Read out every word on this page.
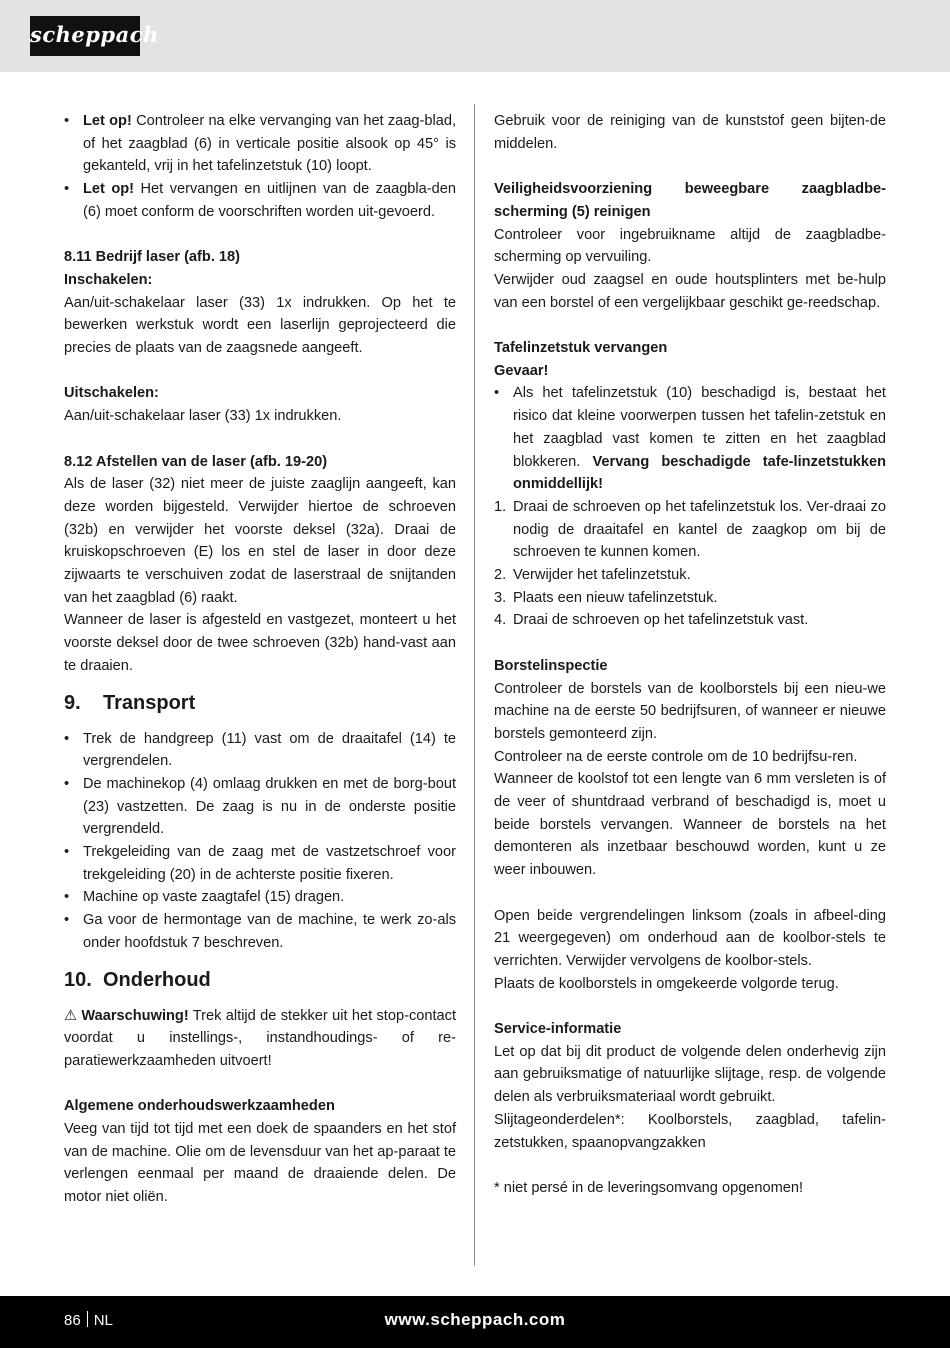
scheppach
• Let op! Controleer na elke vervanging van het zaag-blad, of het zaagblad (6) in verticale positie alsook op 45° is gekanteld, vrij in het tafelinzetstuk (10) loopt.
• Let op! Het vervangen en uitlijnen van de zaagbla-den (6) moet conform de voorschriften worden uit-gevoerd.

8.11 Bedrijf laser (afb. 18)

Inschakelen:

Aan/uit-schakelaar laser (33) 1x indrukken. Op het te bewerken werkstuk wordt een laserlijn geprojecteerd die precies de plaats van de zaagsnede aangeeft.

Uitschakelen:

Aan/uit-schakelaar laser (33) 1x indrukken.

8.12 Afstellen van de laser (afb. 19-20)

Als de laser (32) niet meer de juiste zaaglijn aangeeft, kan deze worden bijgesteld. Verwijder hiertoe de schroeven (32b) en verwijder het voorste deksel (32a). Draai de kruiskopschroeven (E) los en stel de laser in door deze zijwaarts te verschuiven zodat de laserstraal de snijtanden van het zaagblad (6) raakt.

Wanneer de laser is afgesteld en vastgezet, monteert u het voorste deksel door de twee schroeven (32b) hand-vast aan te draaien.

9.	Transport
• Trek de handgreep (11) vast om de draaitafel (14) te vergrendelen.
• De machinekop (4) omlaag drukken en met de borg-bout (23) vastzetten. De zaag is nu in de onderste positie vergrendeld.
• Trekgeleiding van de zaag met de vastzetschroef voor trekgeleiding (20) in de achterste positie fixeren.
• Machine op vaste zaagtafel (15) dragen.
• Ga voor de hermontage van de machine, te werk zo-als onder hoofdstuk 7 beschreven.
10. Onderhoud

⚠ Waarschuwing! Trek altijd de stekker uit het stop-contact voordat u instellings-, instandhoudings- of re-paratiewerkzaamheden uitvoert!

Algemene onderhoudswerkzaamheden

Veeg van tijd tot tijd met een doek de spaanders en het stof van de machine. Olie om de levensduur van het ap-paraat te verlengen eenmaal per maand de draaiende delen. De motor niet oliën.

Gebruik voor de reiniging van de kunststof geen bijten-de middelen.

Veiligheidsvoorziening beweegbare zaagbladbe-scherming (5) reinigen

Controleer voor ingebruikname altijd de zaagbladbe-scherming op vervuiling.

Verwijder oud zaagsel en oude houtsplinters met be-hulp van een borstel of een vergelijkbaar geschikt ge-reedschap.

Tafelinzetstuk vervangen

Gevaar!

• Als het tafelinzetstuk (10) beschadigd is, bestaat het risico dat kleine voorwerpen tussen het tafelin-zetstuk en het zaagblad vast komen te zitten en het zaagblad blokkeren. Vervang beschadigde tafe-linzetstukken onmiddellijk!
1. Draai de schroeven op het tafelinzetstuk los. Ver-draai zo nodig de draaitafel en kantel de zaagkop om bij de schroeven te kunnen komen.
2. Verwijder het tafelinzetstuk.
3. Plaats een nieuw tafelinzetstuk.
4. Draai de schroeven op het tafelinzetstuk vast.

Borstelinspectie

Controleer de borstels van de koolborstels bij een nieu-we machine na de eerste 50 bedrijfsuren, of wanneer er nieuwe borstels gemonteerd zijn.

Controleer na de eerste controle om de 10 bedrijfsu-ren.

Wanneer de koolstof tot een lengte van 6 mm versleten is of de veer of shuntdraad verbrand of beschadigd is, moet u beide borstels vervangen. Wanneer de borstels na het demonteren als inzetbaar beschouwd worden, kunt u ze weer inbouwen.

Open beide vergrendelingen linksom (zoals in afbeel-ding 21 weergegeven) om onderhoud aan de koolbor-stels te verrichten. Verwijder vervolgens de koolbor-stels.

Plaats de koolborstels in omgekeerde volgorde terug.

Service-informatie

Let op dat bij dit product de volgende delen onderhevig zijn aan gebruiksmatige of natuurlijke slijtage, resp. de volgende delen als verbruiksmateriaal wordt gebruikt.

Slijtageonderdelen*: Koolborstels, zaagblad, tafelin-zetstukken, spaanopvangzakken

* niet persé in de leveringsomvang opgenomen!

86 NL	www.scheppach.com
